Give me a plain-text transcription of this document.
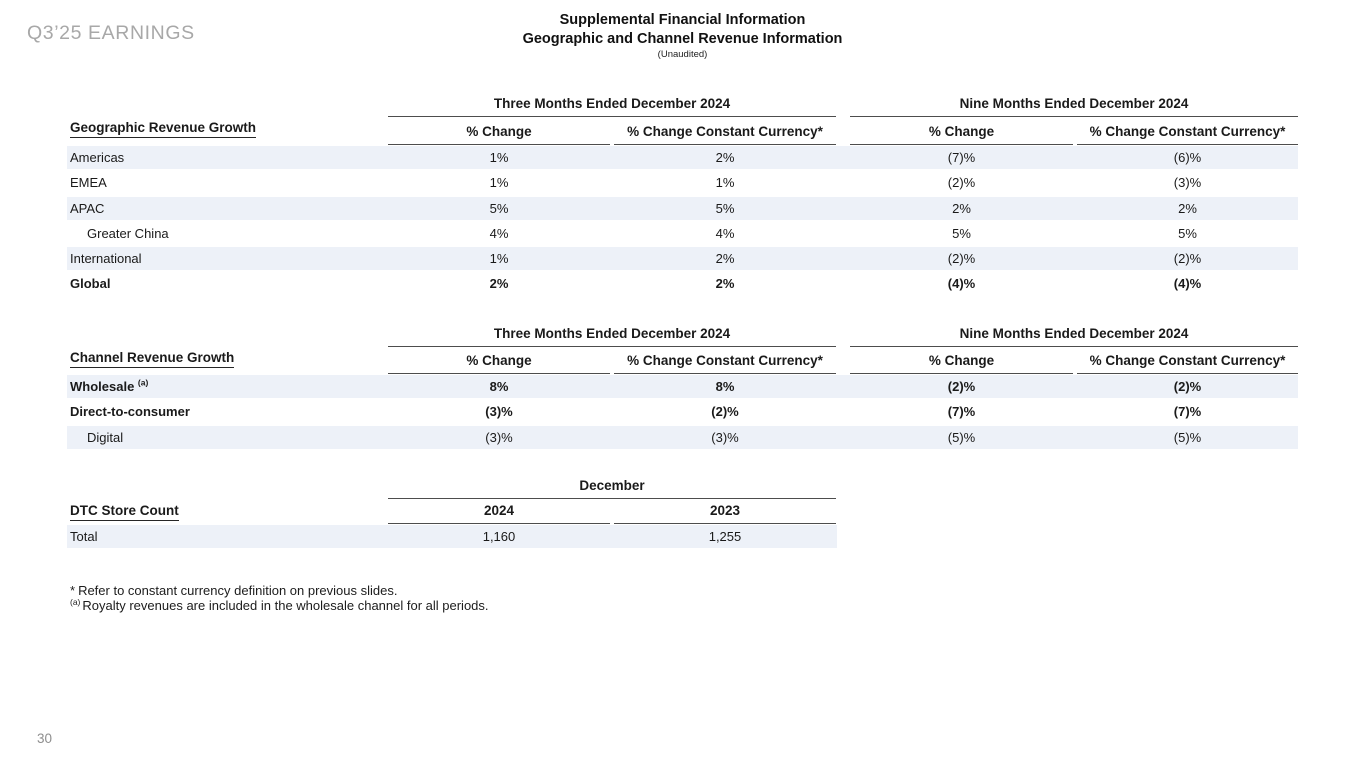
Q3’25 EARNINGS
Supplemental Financial Information
Geographic and Channel Revenue Information
(Unaudited)
Geographic Revenue Growth
Three Months Ended December 2024	Nine Months Ended December 2024
% Change	% Change Constant Currency*	% Change	% Change Constant Currency*
Americas	1%	2%	(7)%	(6)%
EMEA	1%	1%	(2)%	(3)%
APAC	5%	5%	2%	2%
Greater China	4%	4%	5%	5%
International	1%	2%	(2)%	(2)%
Global	2%	2%	(4)%	(4)%
Channel Revenue Growth
Three Months Ended December 2024	Nine Months Ended December 2024
% Change	% Change Constant Currency*	% Change	% Change Constant Currency*
Wholesale $^{(a)}$	8%	8%	(2)%	(2)%
Direct-to-consumer	(3)%	(2)%	(7)%	(7)%
Digital	(3)%	(3)%	(5)%	(5)%
DTC Store Count
December
2024	2023
Total	1,160	1,255
* Refer to constant currency definition on previous slides.
$^{(a)}$ Royalty revenues are included in the wholesale channel for all periods.
30
